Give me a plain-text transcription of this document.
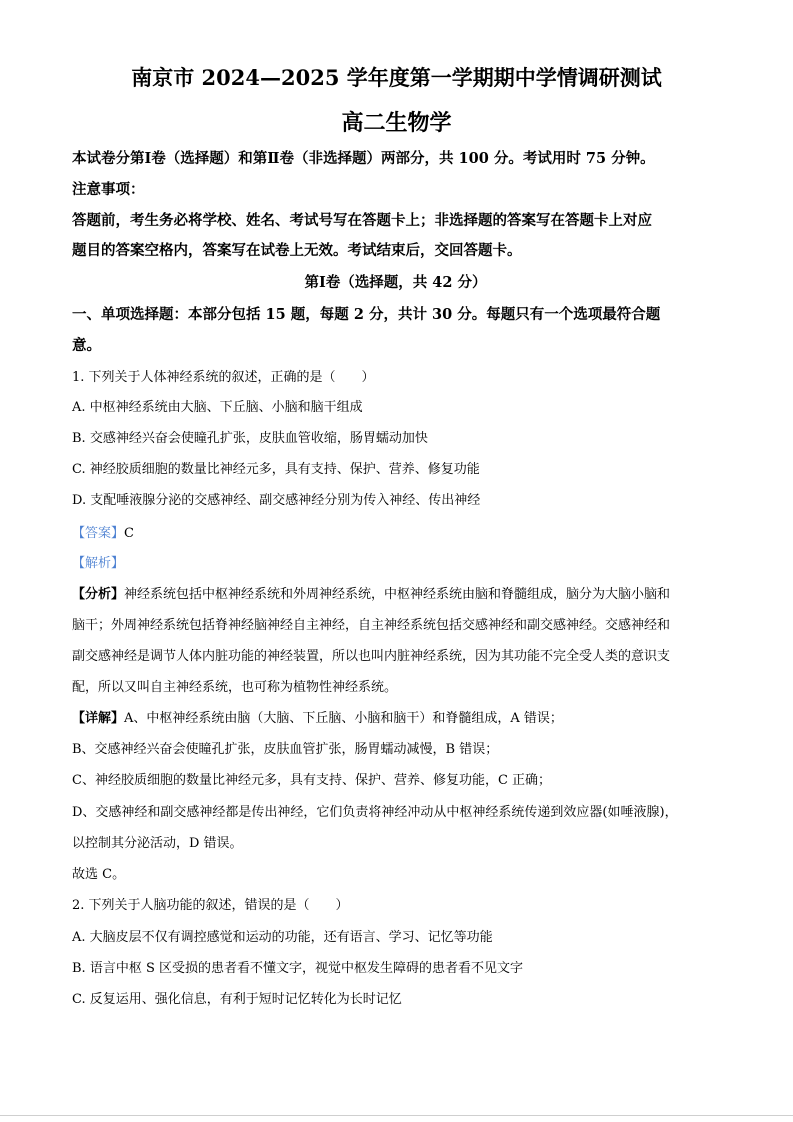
南京市 2024—2025 学年度第一学期期中学情调研测试
高二生物学
本试卷分第Ⅰ卷（选择题）和第Ⅱ卷（非选择题）两部分，共 100 分。考试用时 75 分钟。
注意事项：
答题前，考生务必将学校、姓名、考试号写在答题卡上；非选择题的答案写在答题卡上对应
题目的答案空格内，答案写在试卷上无效。考试结束后，交回答题卡。
第Ⅰ卷（选择题，共 42 分）
一、单项选择题：本部分包括 15 题，每题 2 分，共计 30 分。每题只有一个选项最符合题
意。
1. 下列关于人体神经系统的叙述，正确的是（　　）
A. 中枢神经系统由大脑、下丘脑、小脑和脑干组成
B. 交感神经兴奋会使瞳孔扩张，皮肤血管收缩，肠胃蠕动加快
C. 神经胶质细胞的数量比神经元多，具有支持、保护、营养、修复功能
D. 支配唾液腺分泌的交感神经、副交感神经分别为传入神经、传出神经
【答案】C
【解析】
【分析】神经系统包括中枢神经系统和外周神经系统，中枢神经系统由脑和脊髓组成，脑分为大脑小脑和
脑干；外周神经系统包括脊神经脑神经自主神经，自主神经系统包括交感神经和副交感神经。交感神经和
副交感神经是调节人体内脏功能的神经装置，所以也叫内脏神经系统，因为其功能不完全受人类的意识支
配，所以又叫自主神经系统，也可称为植物性神经系统。
【详解】A、中枢神经系统由脑（大脑、下丘脑、小脑和脑干）和脊髓组成，A 错误；
B、交感神经兴奋会使瞳孔扩张，皮肤血管扩张，肠胃蠕动减慢，B 错误；
C、神经胶质细胞的数量比神经元多，具有支持、保护、营养、修复功能，C 正确；
D、交感神经和副交感神经都是传出神经，它们负责将神经冲动从中枢神经系统传递到效应器(如唾液腺)，
以控制其分泌活动，D 错误。
故选 C。
2. 下列关于人脑功能的叙述，错误的是（　　）
A. 大脑皮层不仅有调控感觉和运动的功能，还有语言、学习、记忆等功能
B. 语言中枢 S 区受损的患者看不懂文字，视觉中枢发生障碍的患者看不见文字
C. 反复运用、强化信息，有利于短时记忆转化为长时记忆
